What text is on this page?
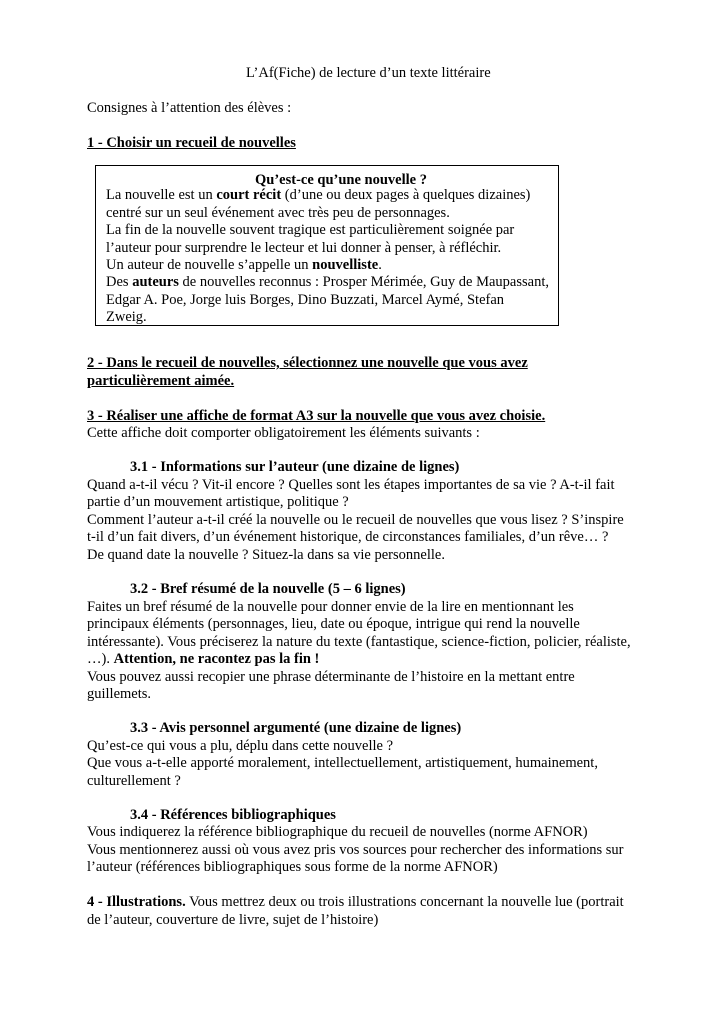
L’Af(Fiche) de lecture d’un texte littéraire
Consignes à l’attention des élèves :
1 - Choisir un recueil de nouvelles
Qu’est-ce qu’une nouvelle ?
La nouvelle est un court récit (d’une ou deux pages à quelques dizaines)
centré sur un seul événement avec très peu de personnages.
La fin de la nouvelle souvent tragique est particulièrement soignée par
l’auteur pour surprendre le lecteur et lui donner à penser, à réfléchir.
Un auteur de nouvelle s’appelle un nouvelliste.
Des auteurs de nouvelles reconnus : Prosper Mérimée, Guy de Maupassant,
Edgar A. Poe, Jorge luis Borges, Dino Buzzati, Marcel Aymé, Stefan
Zweig.
2 - Dans le recueil de nouvelles, sélectionnez une nouvelle que vous avez
particulièrement aimée.
3 - Réaliser une affiche de format A3 sur la nouvelle que vous avez choisie.
Cette affiche doit comporter obligatoirement les éléments suivants :
3.1 - Informations sur l’auteur (une dizaine de lignes)
Quand a-t-il vécu ? Vit-il encore ? Quelles sont les étapes importantes de sa vie ? A-t-il fait
partie d’un mouvement artistique, politique ?
Comment l’auteur a-t-il créé la nouvelle ou le recueil de nouvelles que vous lisez ? S’inspire
t-il d’un fait divers, d’un événement historique, de circonstances familiales, d’un rêve… ?
De quand date la nouvelle ? Situez-la dans sa vie personnelle.
3.2 - Bref résumé de la nouvelle (5 – 6 lignes)
Faites un bref résumé de la nouvelle pour donner envie de la lire en mentionnant les
principaux éléments (personnages, lieu, date ou époque, intrigue qui rend la nouvelle
intéressante). Vous préciserez la nature du texte (fantastique, science-fiction, policier, réaliste,
…). Attention, ne racontez pas la fin !
Vous pouvez aussi recopier une phrase déterminante de l’histoire en la mettant entre
guillemets.
3.3 - Avis personnel argumenté (une dizaine de lignes)
Qu’est-ce qui vous a plu, déplu dans cette nouvelle ?
Que vous a-t-elle apporté moralement, intellectuellement, artistiquement, humainement,
culturellement ?
3.4 - Références bibliographiques
Vous indiquerez la référence bibliographique du recueil de nouvelles (norme AFNOR)
Vous mentionnerez aussi où vous avez pris vos sources pour rechercher des informations sur
l’auteur (références bibliographiques sous forme de la norme AFNOR)
4 - Illustrations. Vous mettrez deux ou trois illustrations concernant la nouvelle lue (portrait
de l’auteur, couverture de livre, sujet de l’histoire)
